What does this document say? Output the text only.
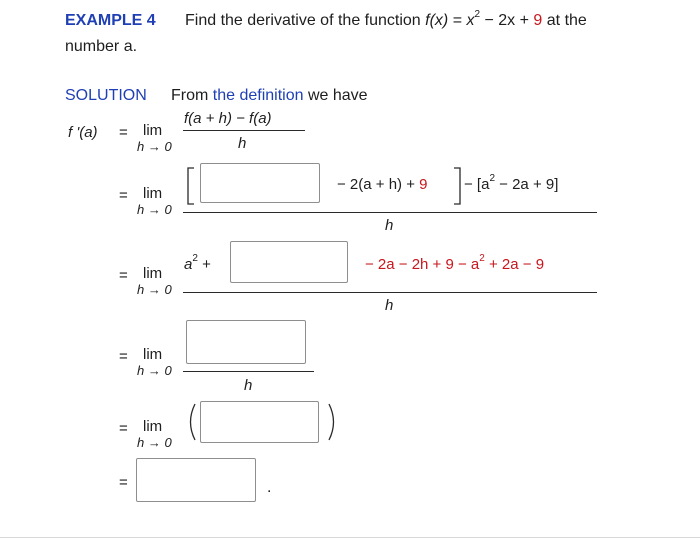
EXAMPLE 4 Find the derivative of the function $f(x) = x^2 - 2x + 9$ at the
number a.
SOLUTION From the definition we have
f '(a) = lim
h → 0
f(a + h) − f(a)
h
= lim
h → 0
− $2(a + h) + 9 - [a^2 - 2a + 9]$
h
= lim
h → 0
$a^2$ +	− $2a - 2h + 9 - a^2 + 2a - 9$
h
= lim
h → 0
h
= lim
h → 0
=	.
